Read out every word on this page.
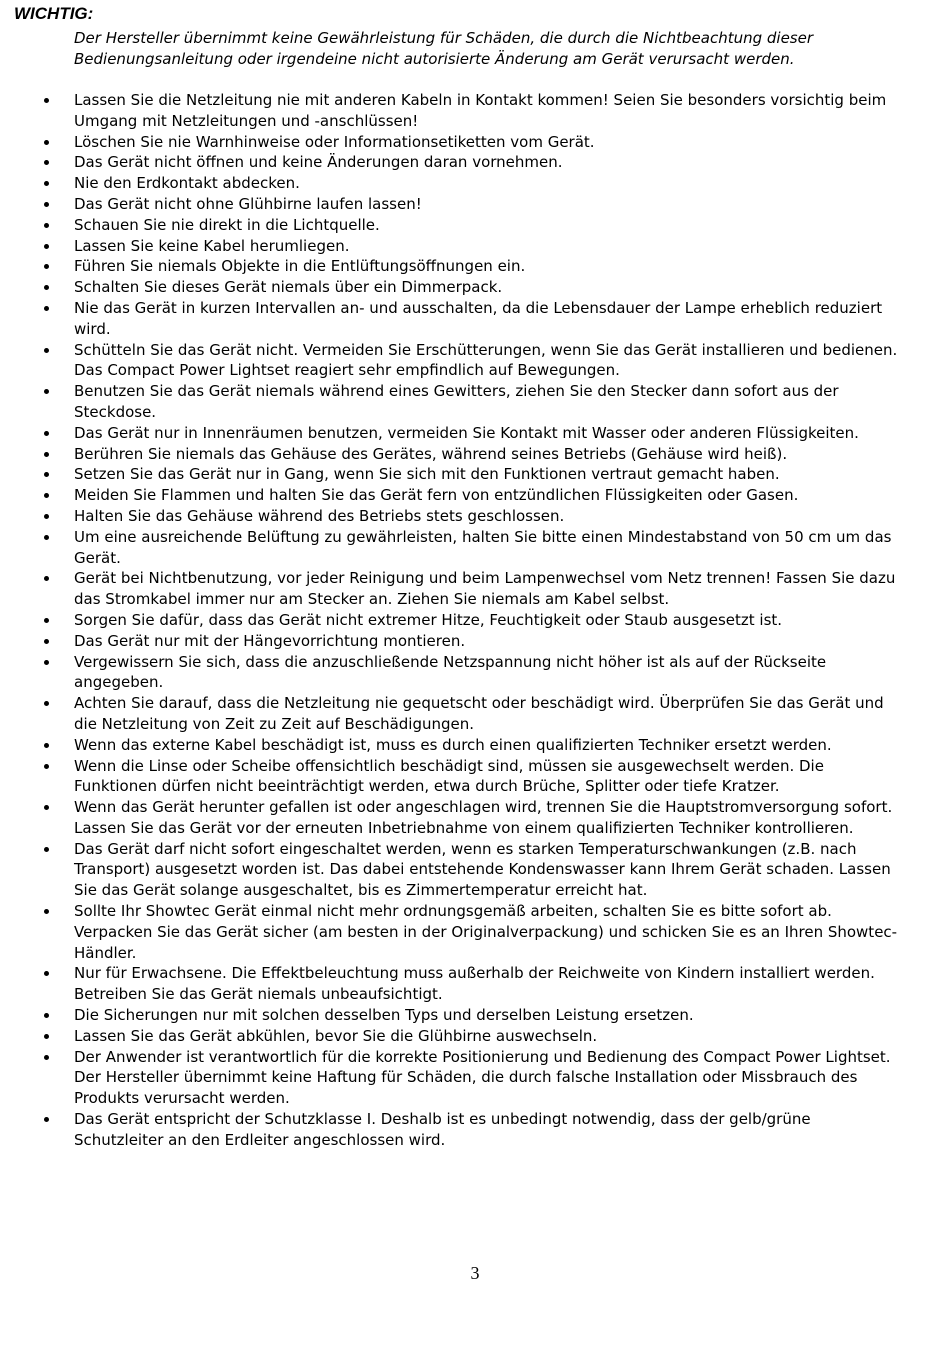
WICHTIG:

Der Hersteller übernimmt keine Gewährleistung für Schäden, die durch die Nichtbeachtung dieser Bedienungsanleitung oder irgendeine nicht autorisierte Änderung am Gerät verursacht werden.

Lassen Sie die Netzleitung nie mit anderen Kabeln in Kontakt kommen! Seien Sie besonders vorsichtig beim Umgang mit Netzleitungen und -anschlüssen!
Löschen Sie nie Warnhinweise oder Informationsetiketten vom Gerät.
Das Gerät nicht öffnen und keine Änderungen daran vornehmen.
Nie den Erdkontakt abdecken.
Das Gerät nicht ohne Glühbirne laufen lassen!
Schauen Sie nie direkt in die Lichtquelle.
Lassen Sie keine Kabel herumliegen.
Führen Sie niemals Objekte in die Entlüftungsöffnungen ein.
Schalten Sie dieses Gerät niemals über ein Dimmerpack.
Nie das Gerät in kurzen Intervallen an- und ausschalten, da die Lebensdauer der Lampe erheblich reduziert wird.
Schütteln Sie das Gerät nicht. Vermeiden Sie Erschütterungen, wenn Sie das Gerät installieren und bedienen. Das Compact Power Lightset reagiert sehr empfindlich auf Bewegungen.
Benutzen Sie das Gerät niemals während eines Gewitters, ziehen Sie den Stecker dann sofort aus der Steckdose.
Das Gerät nur in Innenräumen benutzen, vermeiden Sie Kontakt mit Wasser oder anderen Flüssigkeiten.
Berühren Sie niemals das Gehäuse des Gerätes, während seines Betriebs (Gehäuse wird heiß).
Setzen Sie das Gerät nur in Gang, wenn Sie sich mit den Funktionen vertraut gemacht haben.
Meiden Sie Flammen und halten Sie das Gerät fern von entzündlichen Flüssigkeiten oder Gasen.
Halten Sie das Gehäuse während des Betriebs stets geschlossen.
Um eine ausreichende Belüftung zu gewährleisten, halten Sie bitte einen Mindestabstand von 50 cm um das Gerät.
Gerät bei Nichtbenutzung, vor jeder Reinigung und beim Lampenwechsel vom Netz trennen! Fassen Sie dazu das Stromkabel immer nur am Stecker an. Ziehen Sie niemals am Kabel selbst.
Sorgen Sie dafür, dass das Gerät nicht extremer Hitze, Feuchtigkeit oder Staub ausgesetzt ist.
Das Gerät nur mit der Hängevorrichtung montieren.
Vergewissern Sie sich, dass die anzuschließende Netzspannung nicht höher ist als auf der Rückseite angegeben.
Achten Sie darauf, dass die Netzleitung nie gequetscht oder beschädigt wird. Überprüfen Sie das Gerät und die Netzleitung von Zeit zu Zeit auf Beschädigungen.
Wenn das externe Kabel beschädigt ist, muss es durch einen qualifizierten Techniker ersetzt werden.
Wenn die Linse oder Scheibe offensichtlich beschädigt sind, müssen sie ausgewechselt werden. Die Funktionen dürfen nicht beeinträchtigt werden, etwa durch Brüche, Splitter oder tiefe Kratzer.
Wenn das Gerät herunter gefallen ist oder angeschlagen wird, trennen Sie die Hauptstromversorgung sofort. Lassen Sie das Gerät vor der erneuten Inbetriebnahme von einem qualifizierten Techniker kontrollieren.
Das Gerät darf nicht sofort eingeschaltet werden, wenn es starken Temperaturschwankungen (z.B. nach Transport) ausgesetzt worden ist. Das dabei entstehende Kondenswasser kann Ihrem Gerät schaden. Lassen Sie das Gerät solange ausgeschaltet, bis es Zimmertemperatur erreicht hat.
Sollte Ihr Showtec Gerät einmal nicht mehr ordnungsgemäß arbeiten, schalten Sie es bitte sofort ab. Verpacken Sie das Gerät sicher (am besten in der Originalverpackung) und schicken Sie es an Ihren Showtec-Händler.
Nur für Erwachsene. Die Effektbeleuchtung muss außerhalb der Reichweite von Kindern installiert werden. Betreiben Sie das Gerät niemals unbeaufsichtigt.
Die Sicherungen nur mit solchen desselben Typs und derselben Leistung ersetzen.
Lassen Sie das Gerät abkühlen, bevor Sie die Glühbirne auswechseln.
Der Anwender ist verantwortlich für die korrekte Positionierung und Bedienung des Compact Power Lightset. Der Hersteller übernimmt keine Haftung für Schäden, die durch falsche Installation oder Missbrauch des Produkts verursacht werden.
Das Gerät entspricht der Schutzklasse I. Deshalb ist es unbedingt notwendig, dass der gelb/grüne Schutzleiter an den Erdleiter angeschlossen wird.
3
